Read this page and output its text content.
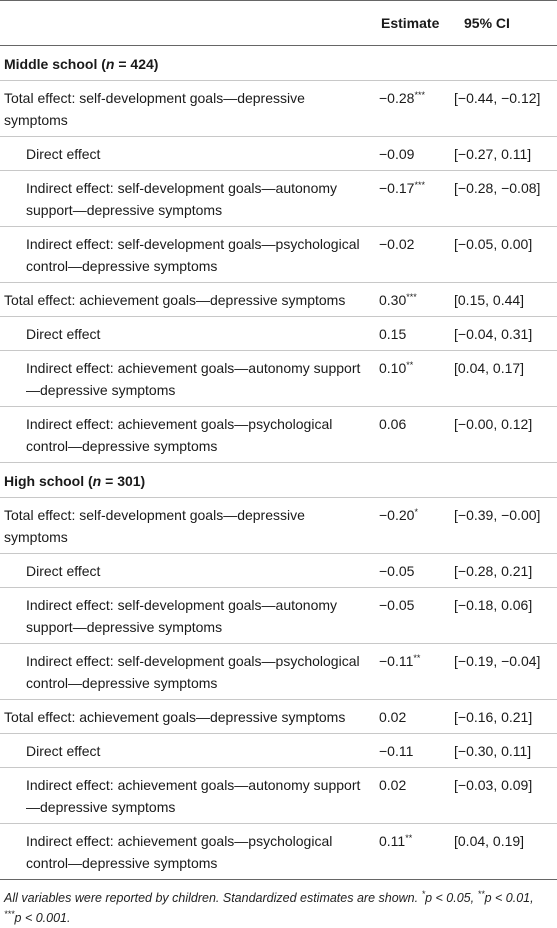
	Estimate	95% CI
Middle school (n = 424)		
Total effect: self-development goals—depressive symptoms	−0.28***	[−0.44, −0.12]
Direct effect	−0.09	[−0.27, 0.11]
Indirect effect: self-development goals—autonomy support—depressive symptoms	−0.17***	[−0.28, −0.08]
Indirect effect: self-development goals—psychological control—depressive symptoms	−0.02	[−0.05, 0.00]
Total effect: achievement goals—depressive symptoms	0.30***	[0.15, 0.44]
Direct effect	0.15	[−0.04, 0.31]
Indirect effect: achievement goals—autonomy support—depressive symptoms	0.10**	[0.04, 0.17]
Indirect effect: achievement goals—psychological control—depressive symptoms	0.06	[−0.00, 0.12]
High school (n = 301)		
Total effect: self-development goals—depressive symptoms	−0.20*	[−0.39, −0.00]
Direct effect	−0.05	[−0.28, 0.21]
Indirect effect: self-development goals—autonomy support—depressive symptoms	−0.05	[−0.18, 0.06]
Indirect effect: self-development goals—psychological control—depressive symptoms	−0.11**	[−0.19, −0.04]
Total effect: achievement goals—depressive symptoms	0.02	[−0.16, 0.21]
Direct effect	−0.11	[−0.30, 0.11]
Indirect effect: achievement goals—autonomy support—depressive symptoms	0.02	[−0.03, 0.09]
Indirect effect: achievement goals—psychological control—depressive symptoms	0.11**	[0.04, 0.19]
All variables were reported by children. Standardized estimates are shown. *p < 0.05, **p < 0.01, ***p < 0.001.
